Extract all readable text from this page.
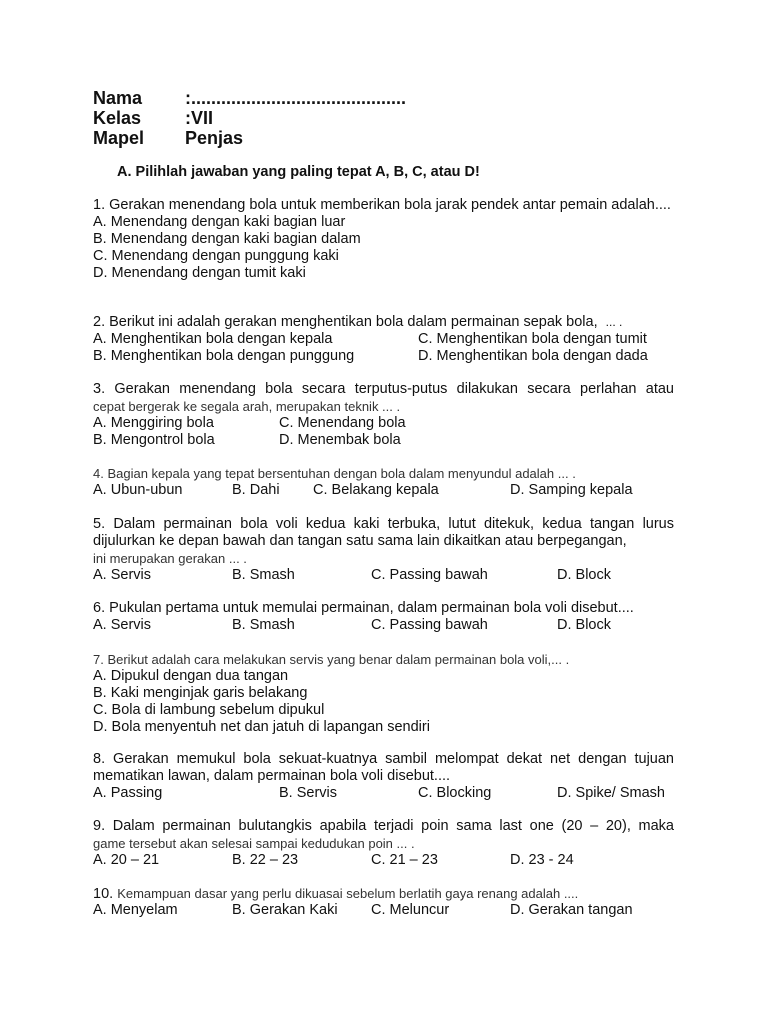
Nama	:...........................................
Kelas	:VII
Mapel	Penjas
A. Pilihlah jawaban yang paling tepat A, B, C, atau D!
1. Gerakan menendang bola untuk memberikan bola jarak pendek antar pemain adalah....
A. Menendang dengan kaki bagian luar
B. Menendang dengan kaki bagian dalam
C. Menendang dengan punggung kaki
D. Menendang dengan tumit kaki
2. Berikut ini adalah gerakan menghentikan bola dalam permainan sepak bola, ... .
A. Menghentikan bola dengan kepala	C. Menghentikan bola dengan tumit
B. Menghentikan bola dengan punggung	D. Menghentikan bola dengan dada
3. Gerakan menendang bola secara terputus-putus dilakukan secara perlahan atau
cepat bergerak ke segala arah, merupakan teknik ... .
A. Menggiring bola	C. Menendang bola
B. Mengontrol bola	D. Menembak bola
4. Bagian kepala yang tepat bersentuhan dengan bola dalam menyundul adalah ... .
A. Ubun-ubun	B. Dahi C. Belakang kepala	D. Samping kepala
5. Dalam permainan bola voli kedua kaki terbuka, lutut ditekuk, kedua tangan lurus dijulurkan ke depan bawah dan tangan satu sama lain dikaitkan atau berpegangan,
ini merupakan gerakan ... .
A. Servis	B. Smash	C. Passing bawah	D. Block
6. Pukulan pertama untuk memulai permainan, dalam permainan bola voli disebut....
A. Servis	B. Smash	C. Passing bawah	D. Block
7. Berikut adalah cara melakukan servis yang benar dalam permainan bola voli,... .
A. Dipukul dengan dua tangan
B. Kaki menginjak garis belakang
C. Bola di lambung sebelum dipukul
D. Bola menyentuh net dan jatuh di lapangan sendiri
8. Gerakan memukul bola sekuat-kuatnya sambil melompat dekat net dengan tujuan mematikan lawan, dalam permainan bola voli disebut....
A. Passing	B. Servis	C. Blocking	D. Spike/ Smash
9. Dalam permainan bulutangkis apabila terjadi poin sama last one (20 – 20), maka
game tersebut akan selesai sampai kedudukan poin ... .
A. 20 – 21	B. 22 – 23	C. 21 – 23	D. 23 - 24
10. Kemampuan dasar yang perlu dikuasai sebelum berlatih gaya renang adalah ....
A. Menyelam	B. Gerakan Kaki C. Meluncur	D. Gerakan tangan
